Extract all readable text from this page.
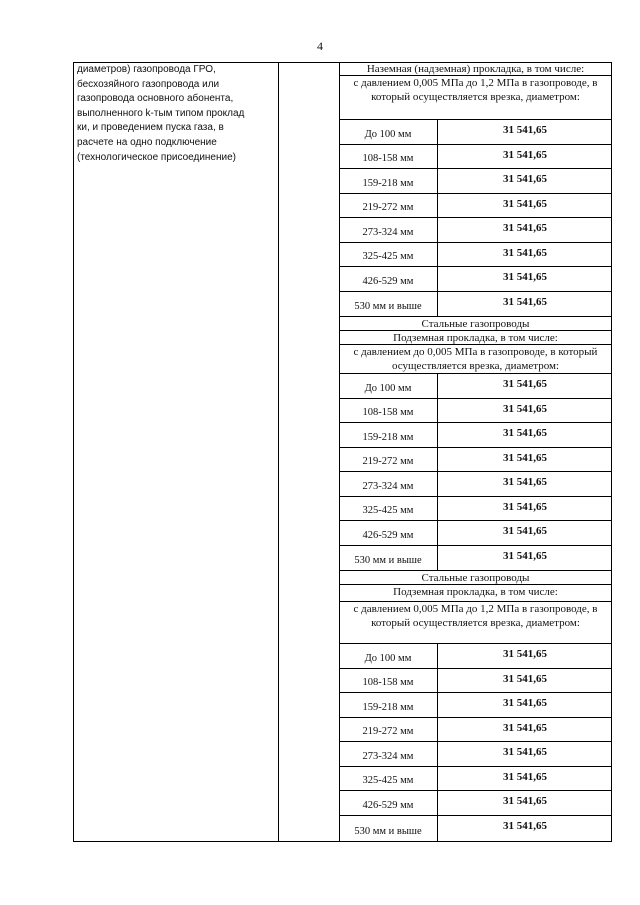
4
диаметров) газопровода ГРО,
бесхозяйного газопровода или
газопровода основного абонента,
выполненного k-тым типом проклад
ки, и проведением пуска газа, в
расчете на одно подключение
(технологическое присоединение)
Наземная (надземная) прокладка, в том числе:
с давлением 0,005 МПа до 1,2 МПа в газопроводе, в который осуществляется врезка, диаметром:
До 100 мм	31 541,65
108-158 мм	31 541,65
159-218 мм	31 541,65
219-272 мм	31 541,65
273-324 мм	31 541,65
325-425 мм	31 541,65
426-529 мм	31 541,65
530 мм и выше	31 541,65
Стальные газопроводы
Подземная прокладка, в том числе:
с давлением до 0,005 МПа в газопроводе, в который осуществляется врезка, диаметром:
До 100 мм	31 541,65
108-158 мм	31 541,65
159-218 мм	31 541,65
219-272 мм	31 541,65
273-324 мм	31 541,65
325-425 мм	31 541,65
426-529 мм	31 541,65
530 мм и выше	31 541,65
Стальные газопроводы
Подземная прокладка, в том числе:
с давлением 0,005 МПа до 1,2 МПа в газопроводе, в который осуществляется врезка, диаметром:
До 100 мм	31 541,65
108-158 мм	31 541,65
159-218 мм	31 541,65
219-272 мм	31 541,65
273-324 мм	31 541,65
325-425 мм	31 541,65
426-529 мм	31 541,65
530 мм и выше	31 541,65
